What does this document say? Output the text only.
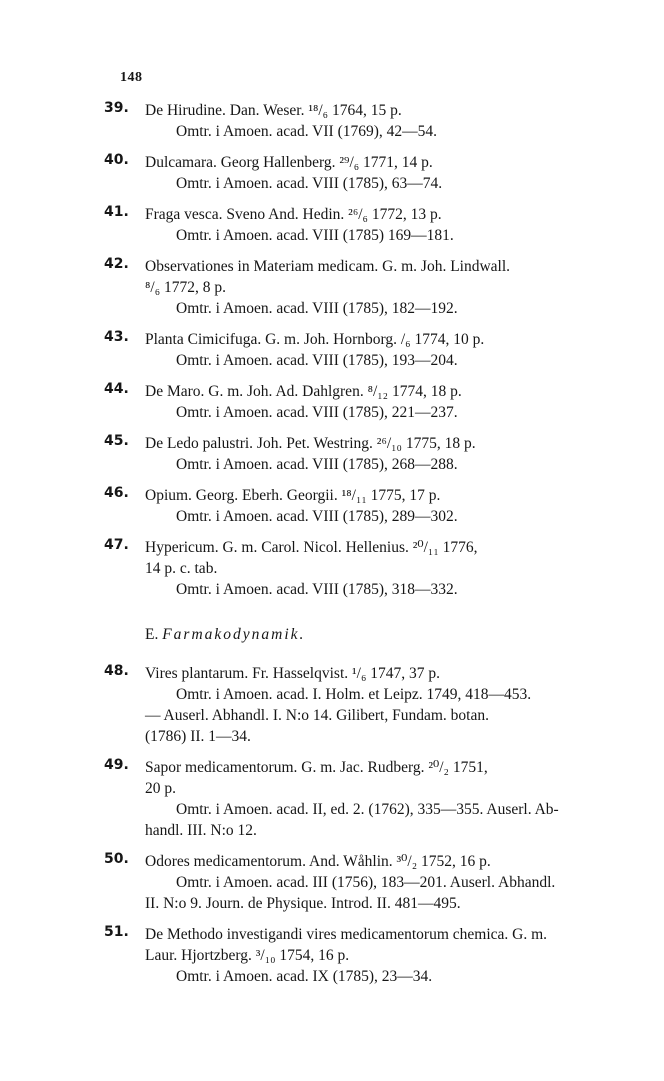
148
39.	De Hirudine. Dan. Weser. ¹⁸/₆ 1764, 15 p.
Omtr. i Amoen. acad. VII (1769), 42—54.
40.	Dulcamara. Georg Hallenberg. ²⁹/₆ 1771, 14 p.
Omtr. i Amoen. acad. VIII (1785), 63—74.
41.	Fraga vesca. Sveno And. Hedin. ²⁶/₆ 1772, 13 p.
Omtr. i Amoen. acad. VIII (1785) 169—181.
42.	Observationes in Materiam medicam. G. m. Joh. Lindwall.
⁸/₆ 1772, 8 p.
Omtr. i Amoen. acad. VIII (1785), 182—192.
43.	Planta Cimicifuga. G. m. Joh. Hornborg. /₆ 1774, 10 p.
Omtr. i Amoen. acad. VIII (1785), 193—204.
44.	De Maro. G. m. Joh. Ad. Dahlgren. ⁸/₁₂ 1774, 18 p.
Omtr. i Amoen. acad. VIII (1785), 221—237.
45.	De Ledo palustri. Joh. Pet. Westring. ²⁶/₁₀ 1775, 18 p.
Omtr. i Amoen. acad. VIII (1785), 268—288.
46.	Opium. Georg. Eberh. Georgii. ¹⁸/₁₁ 1775, 17 p.
Omtr. i Amoen. acad. VIII (1785), 289—302.
47.	Hypericum. G. m. Carol. Nicol. Hellenius. ²⁰/₁₁ 1776,
14 p. c. tab.
Omtr. i Amoen. acad. VIII (1785), 318—332.
E. Farmakodynamik.
48.	Vires plantarum. Fr. Hasselqvist. ¹/₆ 1747, 37 p.
Omtr. i Amoen. acad. I. Holm. et Leipz. 1749, 418—453.
— Auserl. Abhandl. I. N:o 14. Gilibert, Fundam. botan.
(1786) II. 1—34.
49.	Sapor medicamentorum. G. m. Jac. Rudberg. ²⁰/₂ 1751,
20 p.
Omtr. i Amoen. acad. II, ed. 2. (1762), 335—355. Auserl. Ab-
handl. III. N:o 12.
50.	Odores medicamentorum. And. Wåhlin. ³⁰/₂ 1752, 16 p.
Omtr. i Amoen. acad. III (1756), 183—201. Auserl. Abhandl.
II. N:o 9. Journ. de Physique. Introd. II. 481—495.
51.	De Methodo investigandi vires medicamentorum chemica. G. m.
Laur. Hjortzberg. ³/₁₀ 1754, 16 p.
Omtr. i Amoen. acad. IX (1785), 23—34.
